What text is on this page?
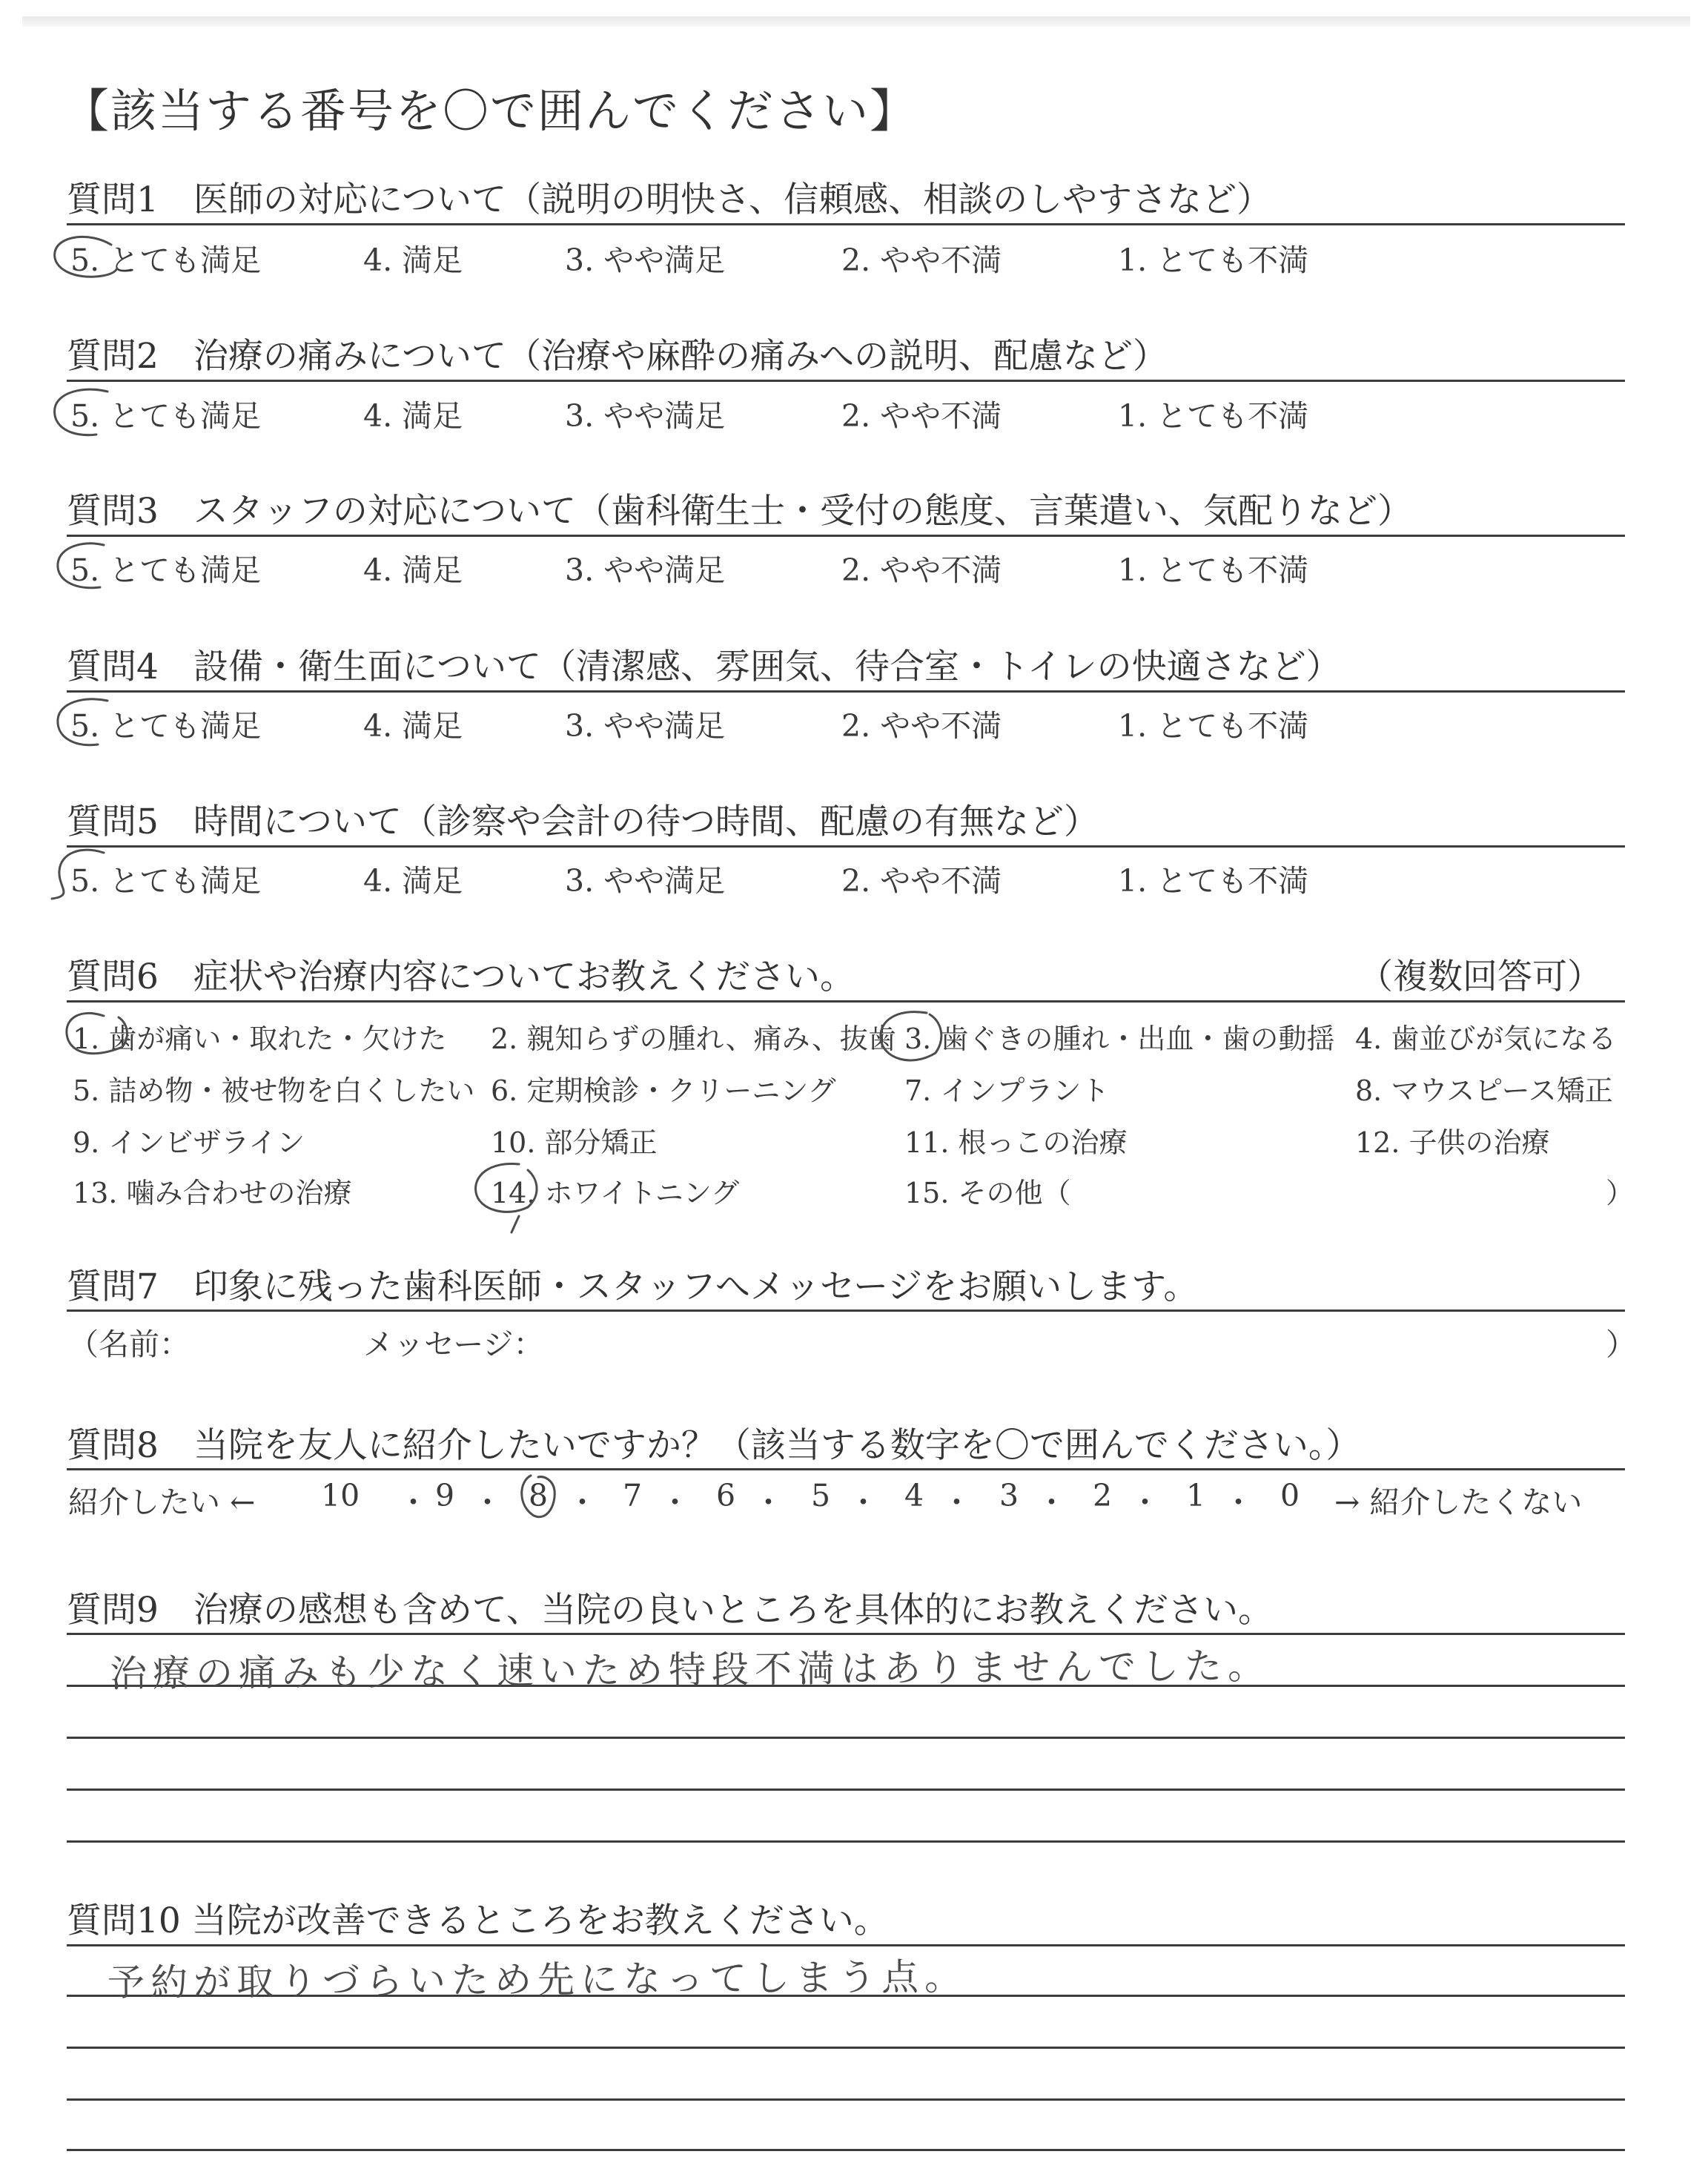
【該当する番号を〇で囲んでください】
質問1　医師の対応について（説明の明快さ、信頼感、相談のしやすさなど）
5. とても満足	4. 満足	3. やや満足	2. やや不満	1. とても不満
質問2　治療の痛みについて（治療や麻酔の痛みへの説明、配慮など）
5. とても満足	4. 満足	3. やや満足	2. やや不満	1. とても不満
質問3　スタッフの対応について（歯科衛生士・受付の態度、言葉遣い、気配りなど）
5. とても満足	4. 満足	3. やや満足	2. やや不満	1. とても不満
質問4　設備・衛生面について（清潔感、雰囲気、待合室・トイレの快適さなど）
5. とても満足	4. 満足	3. やや満足	2. やや不満	1. とても不満
質問5　時間について（診察や会計の待つ時間、配慮の有無など）
5. とても満足	4. 満足	3. やや満足	2. やや不満	1. とても不満
質問6　症状や治療内容についてお教えください。	（複数回答可）
1. 歯が痛い・取れた・欠けた 2. 親知らずの腫れ、痛み、抜歯 3. 歯ぐきの腫れ・出血・歯の動揺 4. 歯並びが気になる
5. 詰め物・被せ物を白くしたい 6. 定期検診・クリーニング 7. インプラント	8. マウスピース矯正
9. インビザライン	10. 部分矯正	11. 根っこの治療	12. 子供の治療
13. 噛み合わせの治療	14. ホワイトニング	15. その他（	）
質問7　印象に残った歯科医師・スタッフへメッセージをお願いします。
（名前：	メッセージ：	）
質問8　当院を友人に紹介したいですか？（該当する数字を〇で囲んでください。）
紹介したい ← 10 ・ 9 ・ 8 ・ 7 ・ 6 ・ 5 ・ 4 ・ 3 ・ 2 ・ 1 ・ 0 → 紹介したくない
質問9　治療の感想も含めて、当院の良いところを具体的にお教えください。
治療の痛みも少なく速いため特段不満はありませんでした。
質問10 当院が改善できるところをお教えください。
予約が取りづらいため先になってしまう点。
